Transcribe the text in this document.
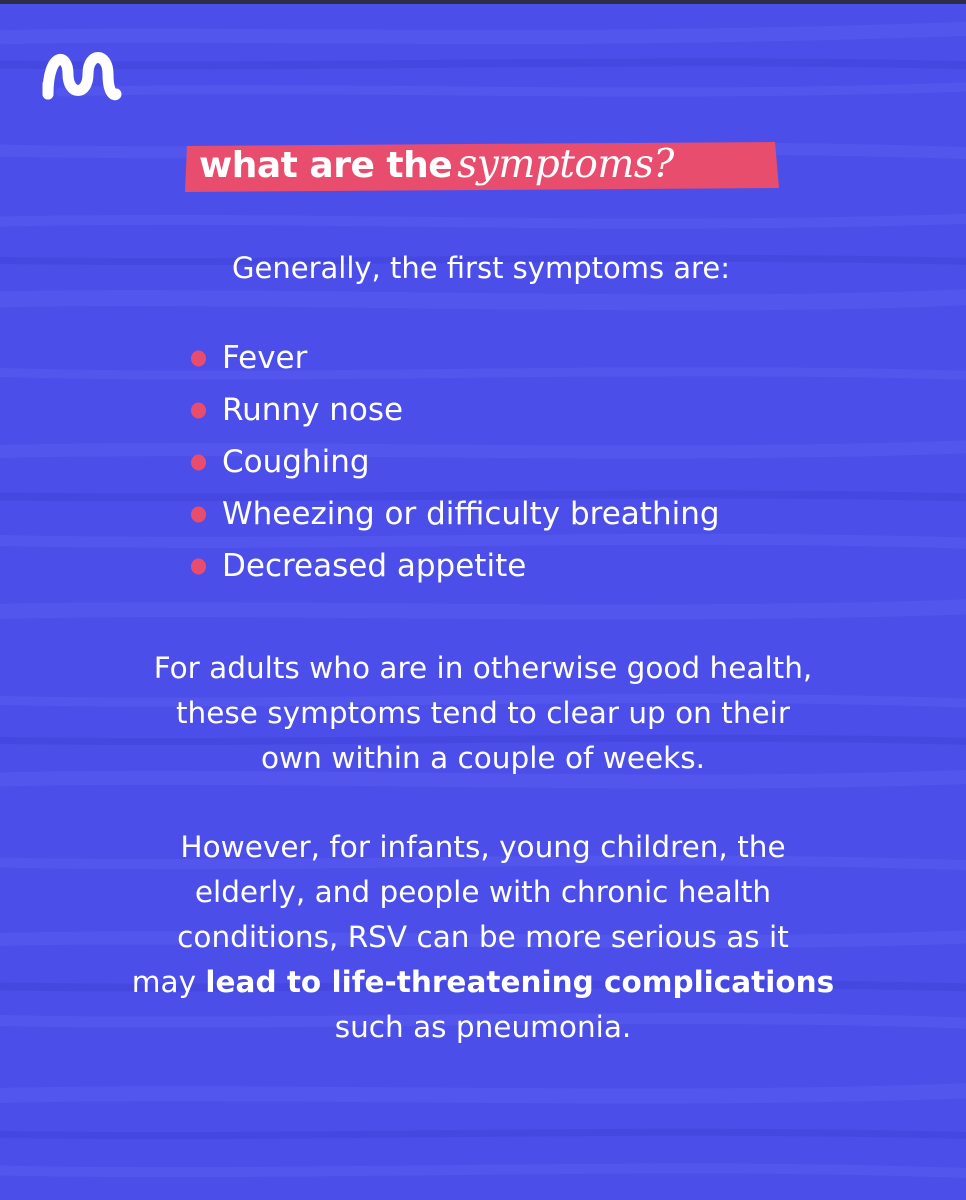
what are the symptoms?
Generally, the first symptoms are:
Fever
Runny nose
Coughing
Wheezing or difficulty breathing
Decreased appetite
For adults who are in otherwise good health,
these symptoms tend to clear up on their
own within a couple of weeks.
However, for infants, young children, the
elderly, and people with chronic health
conditions, RSV can be more serious as it
may lead to life-threatening complications
such as pneumonia.
